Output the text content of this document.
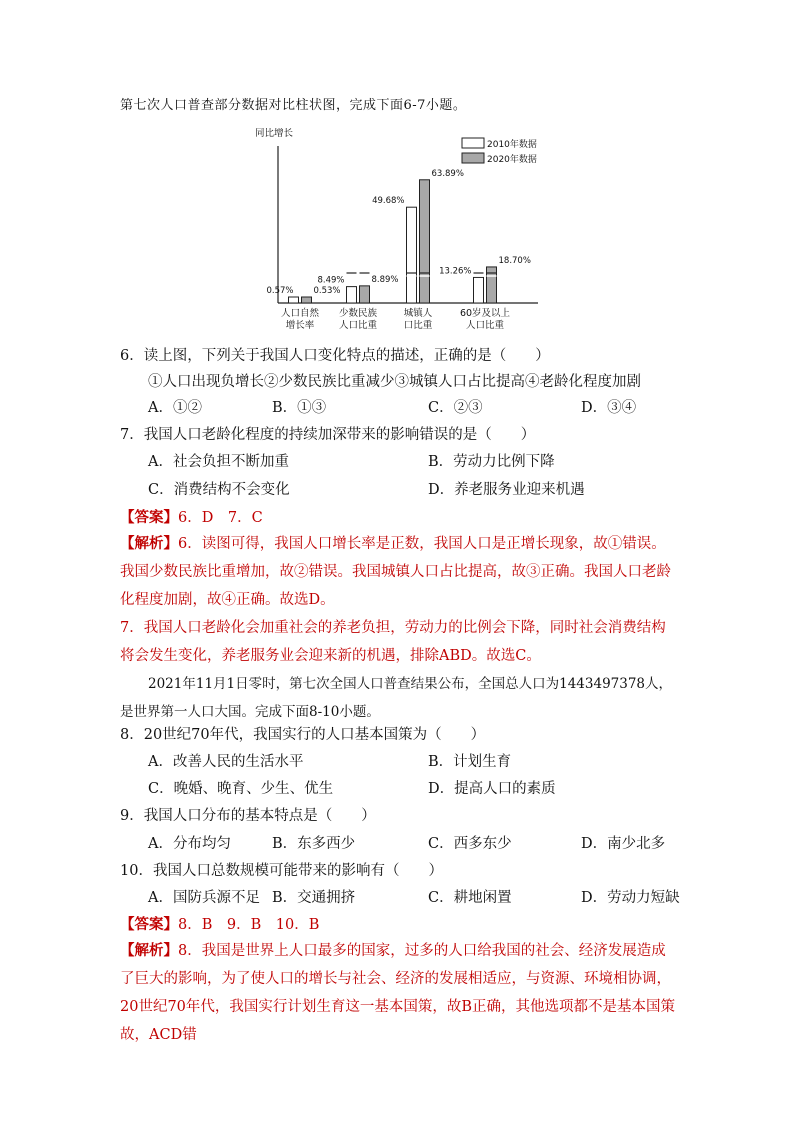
第七次人口普查部分数据对比柱状图，完成下面6-7小题。
同比增长
2010年数据
2020年数据
0.57% 0.53%
人口自然
增长率
8.49%	8.89%
少数民族
人口比重
49.68%
63.89%
城镇人
口比重
13.26%
18.70%
60岁及以上
人口比重
6．读上图，下列关于我国人口变化特点的描述，正确的是（　　）
①人口出现负增长②少数民族比重减少③城镇人口占比提高④老龄化程度加剧
A．①②	B．①③	C．②③	D．③④
7．我国人口老龄化程度的持续加深带来的影响错误的是（　　）
A．社会负担不断加重	B．劳动力比例下降
C．消费结构不会变化	D．养老服务业迎来机遇
【答案】6．D　7．C
【解析】6．读图可得，我国人口增长率是正数，我国人口是正增长现象，故①错误。我国少数民族比重增加，故②错误。我国城镇人口占比提高，故③正确。我国人口老龄化程度加剧，故④正确。故选D。
7．我国人口老龄化会加重社会的养老负担，劳动力的比例会下降，同时社会消费结构将会发生变化，养老服务业会迎来新的机遇，排除ABD。故选C。
2021年11月1日零时，第七次全国人口普查结果公布，全国总人口为1443497378人，是世界第一人口大国。完成下面8-10小题。
8．20世纪70年代，我国实行的人口基本国策为（　　）
A．改善人民的生活水平	B．计划生育
C．晚婚、晚育、少生、优生	D．提高人口的素质
9．我国人口分布的基本特点是（　　）
A．分布均匀	B．东多西少	C．西多东少	D．南少北多
10．我国人口总数规模可能带来的影响有（　　）
A．国防兵源不足 B．交通拥挤	C．耕地闲置	D．劳动力短缺
【答案】8．B　9．B　10．B
【解析】8．我国是世界上人口最多的国家，过多的人口给我国的社会、经济发展造成了巨大的影响，为了使人口的增长与社会、经济的发展相适应，与资源、环境相协调，20世纪70年代，我国实行计划生育这一基本国策，故B正确，其他选项都不是基本国策故，ACD错
